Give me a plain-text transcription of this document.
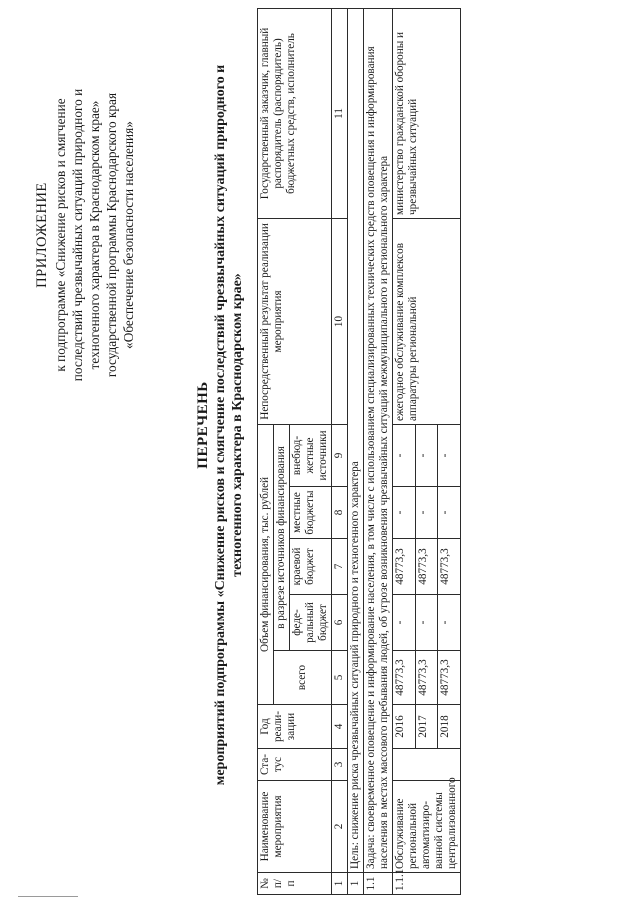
ПРИЛОЖЕНИЕ к подпрограмме «Снижение рисков и смягчение последствий чрезвычайных ситуаций природного и техногенного характера в Краснодарском крае» государственной программы Краснодарского края «Обеспечение безопасности населения»
ПЕРЕЧЕНЬ мероприятий подпрограммы «Снижение рисков и смягчение последствий чрезвычайных ситуаций природного и техногенного характера в Краснодарском крае»
№ п/п	Наименование мероприятия	Ста-тус	Год реали-зации	Объем финансирования, тыс. рублей					Непосредственный результат реализации мероприятия	Государственный заказчик, главный распорядитель (распорядитель) бюджетных средств, исполнитель
				всего	в разрезе источников финансирования					
					феде-ральный бюджет	краевой бюджет	местные бюджеты	внебюд-жетные источники		
1	2	3	4	5	6	7	8	9	10	11
1	Цель: снижение риска чрезвычайных ситуаций природного и техногенного характера									
1.1	Задача: своевременное оповещение и информирование населения, в том числе с использованием специализированных технических средств оповещения и информирования населения в местах массового пребывания людей, об угрозе возникновения чрезвычайных ситуаций межмуниципального и регионального характера									
1.1.1	Обслуживание региональной автоматизиро-ванной системы централизованного		2016	48773,3	-	48773,3	-	-	ежегодное обслуживание комплексов аппаратуры региональной	министерство гражданской обороны и чрезвычайных ситуаций
			2017	48773,3	-	48773,3	-	-		
			2018	48773,3	-	48773,3	-	-		
